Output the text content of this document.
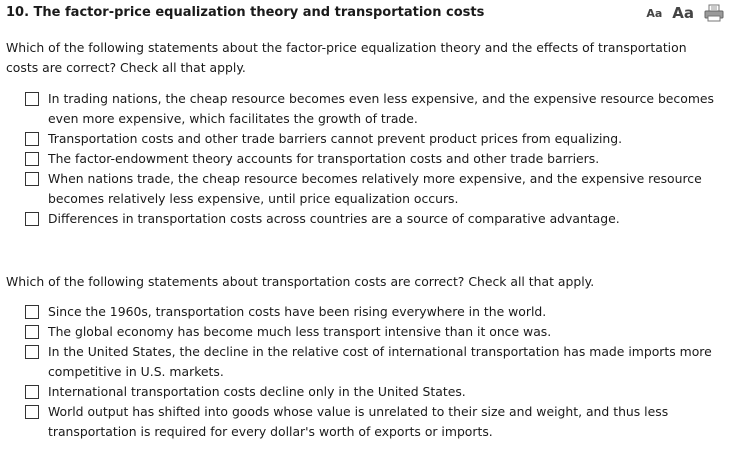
10. The factor-price equalization theory and transportation costs	Aa Aa
Which of the following statements about the factor-price equalization theory and the effects of transportation costs are correct? Check all that apply.
In trading nations, the cheap resource becomes even less expensive, and the expensive resource becomes even more expensive, which facilitates the growth of trade.
Transportation costs and other trade barriers cannot prevent product prices from equalizing.
The factor-endowment theory accounts for transportation costs and other trade barriers.
When nations trade, the cheap resource becomes relatively more expensive, and the expensive resource becomes relatively less expensive, until price equalization occurs.
Differences in transportation costs across countries are a source of comparative advantage.
Which of the following statements about transportation costs are correct? Check all that apply.
Since the 1960s, transportation costs have been rising everywhere in the world.
The global economy has become much less transport intensive than it once was.
In the United States, the decline in the relative cost of international transportation has made imports more competitive in U.S. markets.
International transportation costs decline only in the United States.
World output has shifted into goods whose value is unrelated to their size and weight, and thus less transportation is required for every dollar's worth of exports or imports.
